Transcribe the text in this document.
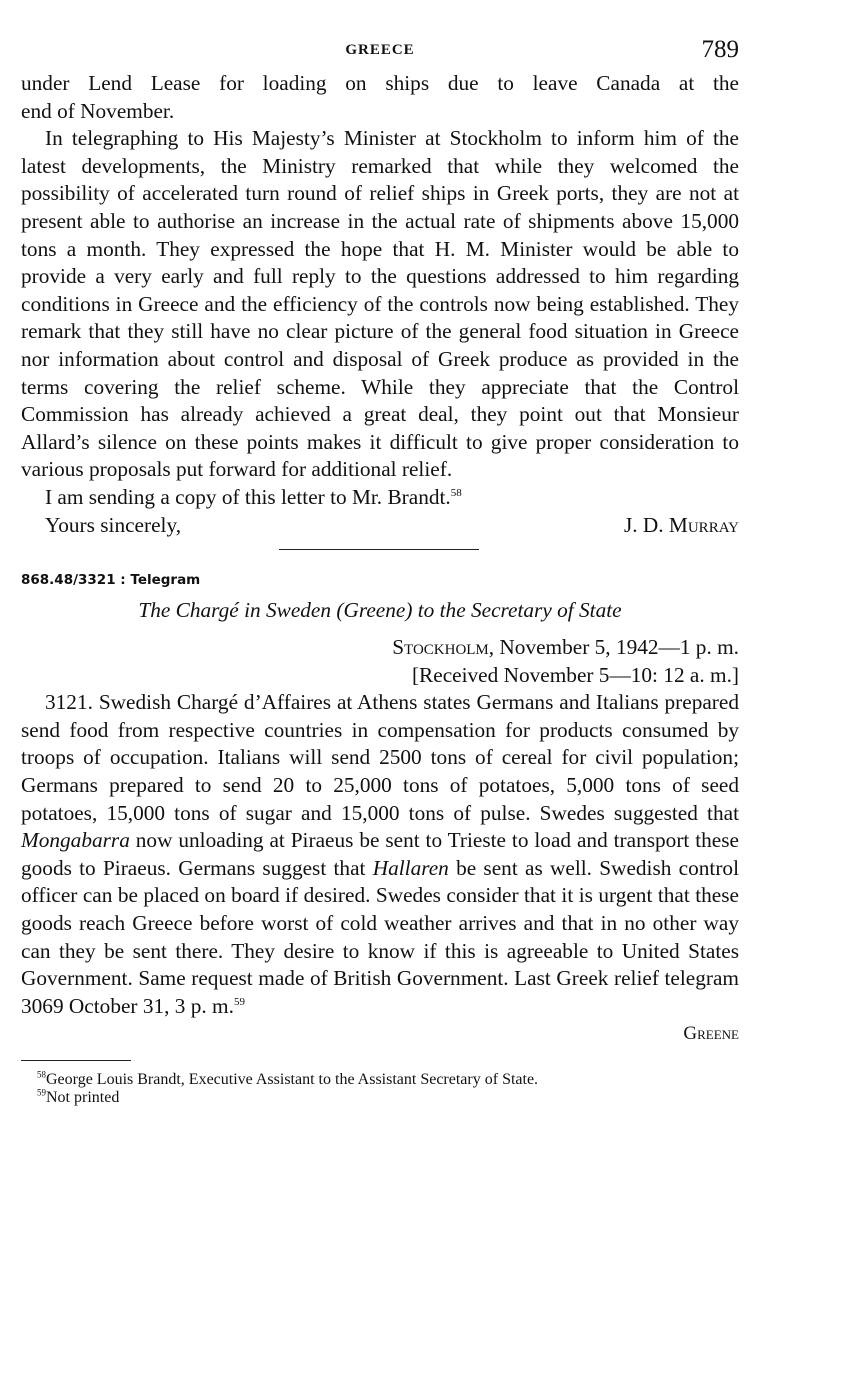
GREECE	789
under Lend Lease for loading on ships due to leave Canada at the
end of November.

In telegraphing to His Majesty’s Minister at Stockholm to inform him of the latest developments, the Ministry remarked that while they welcomed the possibility of accelerated turn round of relief ships in Greek ports, they are not at present able to authorise an increase in the actual rate of shipments above 15,000 tons a month. They expressed the hope that H. M. Minister would be able to provide a very early and full reply to the questions addressed to him regarding conditions in Greece and the efficiency of the controls now being established. They remark that they still have no clear picture of the general food situation in Greece nor information about control and disposal of Greek produce as provided in the terms covering the relief scheme. While they appreciate that the Control Commission has already achieved a great deal, they point out that Monsieur Allard’s silence on these points makes it difficult to give proper consideration to various proposals put forward for additional relief.

I am sending a copy of this letter to Mr. Brandt.$^{58}$

Yours sincerely,	J. D. Murray
868.48/3321 : Telegram
The Chargé in Sweden (Greene) to the Secretary of State
Stockholm, November 5, 1942—1 p. m.
[Received November 5—10: 12 a. m.]

3121. Swedish Chargé d’Affaires at Athens states Germans and Italians prepared send food from respective countries in compensation for products consumed by troops of occupation. Italians will send 2500 tons of cereal for civil population; Germans prepared to send 20 to 25,000 tons of potatoes, 5,000 tons of seed potatoes, 15,000 tons of sugar and 15,000 tons of pulse. Swedes suggested that Mongabarra now unloading at Piraeus be sent to Trieste to load and transport these goods to Piraeus. Germans suggest that Hallaren be sent as well. Swedish control officer can be placed on board if desired. Swedes consider that it is urgent that these goods reach Greece before worst of cold weather arrives and that in no other way can they be sent there. They desire to know if this is agreeable to United States Government. Same request made of British Government. Last Greek relief telegram 3069 October 31, 3 p. m.$^{59}$

Greene
$^{58}$George Louis Brandt, Executive Assistant to the Assistant Secretary of State.
$^{59}$Not printed
